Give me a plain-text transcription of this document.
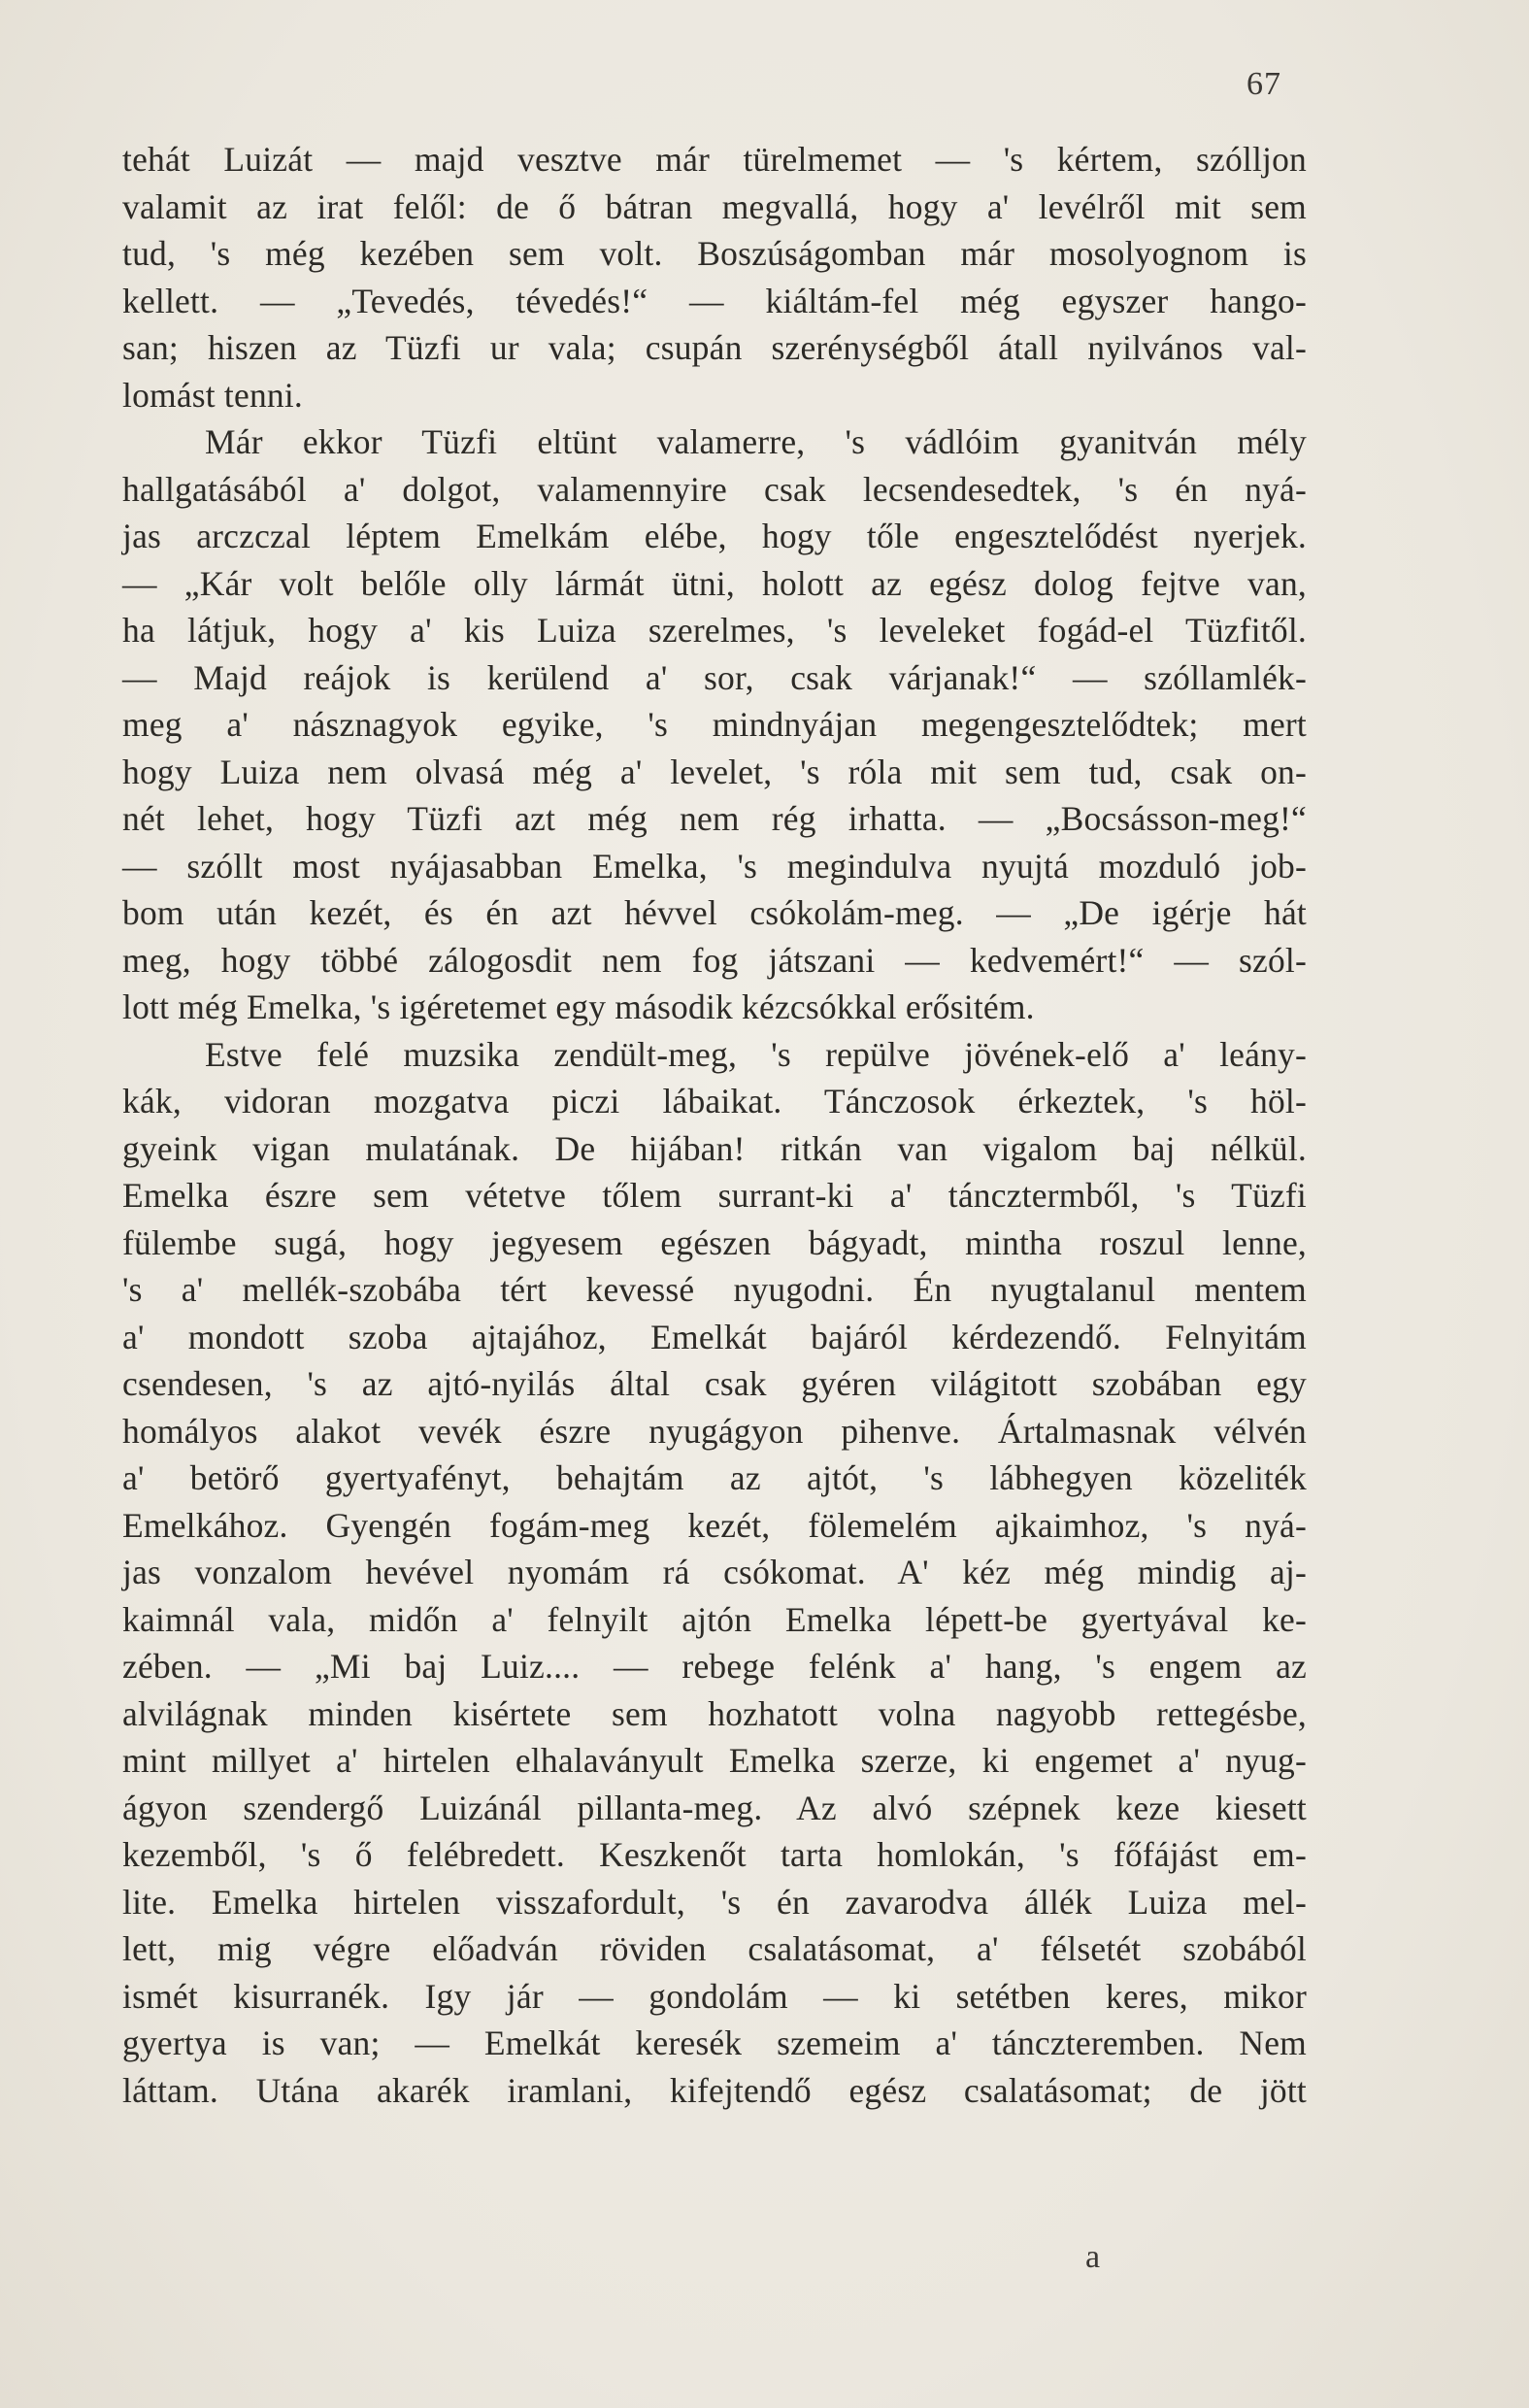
67
tehát Luizát — majd vesztve már türelmemet — 's kértem, szólljon
valamit az irat felől: de ő bátran megvallá, hogy a' levélről mit sem
tud, 's még kezében sem volt. Boszúságomban már mosolyognom is
kellett. — „Tevedés, tévedés!“ — kiáltám-fel még egyszer hango-
san; hiszen az Tüzfi ur vala; csupán szerénységből átall nyilvános val-
lomást tenni.
Már ekkor Tüzfi eltünt valamerre, 's vádlóim gyanitván mély
hallgatásából a' dolgot, valamennyire csak lecsendesedtek, 's én nyá-
jas arczczal léptem Emelkám elébe, hogy tőle engesztelődést nyerjek.
— „Kár volt belőle olly lármát ütni, holott az egész dolog fejtve van,
ha látjuk, hogy a' kis Luiza szerelmes, 's leveleket fogád-el Tüzfitől.
— Majd reájok is kerülend a' sor, csak várjanak!“ — szóllamlék-
meg a' násznagyok egyike, 's mindnyájan megengesztelődtek; mert
hogy Luiza nem olvasá még a' levelet, 's róla mit sem tud, csak on-
nét lehet, hogy Tüzfi azt még nem rég irhatta. — „Bocsásson-meg!“
— szóllt most nyájasabban Emelka, 's megindulva nyujtá mozduló job-
bom után kezét, és én azt hévvel csókolám-meg. — „De igérje hát
meg, hogy többé zálogosdit nem fog játszani — kedvemért!“ — szól-
lott még Emelka, 's igéretemet egy második kézcsókkal erősitém.
Estve felé muzsika zendült-meg, 's repülve jövének-elő a' leány-
kák, vidoran mozgatva piczi lábaikat. Tánczosok érkeztek, 's höl-
gyeink vigan mulatának. De hijában! ritkán van vigalom baj nélkül.
Emelka észre sem vétetve tőlem surrant-ki a' táncztermből, 's Tüzfi
fülembe sugá, hogy jegyesem egészen bágyadt, mintha roszul lenne,
's a' mellék-szobába tért kevessé nyugodni. Én nyugtalanul mentem
a' mondott szoba ajtajához, Emelkát bajáról kérdezendő. Felnyitám
csendesen, 's az ajtó-nyilás által csak gyéren világitott szobában egy
homályos alakot vevék észre nyugágyon pihenve. Ártalmasnak vélvén
a' betörő gyertyafényt, behajtám az ajtót, 's lábhegyen közeliték
Emelkához. Gyengén fogám-meg kezét, fölemelém ajkaimhoz, 's nyá-
jas vonzalom hevével nyomám rá csókomat. A' kéz még mindig aj-
kaimnál vala, midőn a' felnyilt ajtón Emelka lépett-be gyertyával ke-
zében. — „Mi baj Luiz.... — rebege felénk a' hang, 's engem az
alvilágnak minden kisértete sem hozhatott volna nagyobb rettegésbe,
mint millyet a' hirtelen elhalaványult Emelka szerze, ki engemet a' nyug-
ágyon szendergő Luizánál pillanta-meg. Az alvó szépnek keze kiesett
kezemből, 's ő felébredett. Keszkenőt tarta homlokán, 's főfájást em-
lite. Emelka hirtelen visszafordult, 's én zavarodva állék Luiza mel-
lett, mig végre előadván röviden csalatásomat, a' félsetét szobából
ismét kisurranék. Igy jár — gondolám — ki setétben keres, mikor
gyertya is van; — Emelkát keresék szemeim a' tánczteremben. Nem
láttam. Utána akarék iramlani, kifejtendő egész csalatásomat; de jött
a
